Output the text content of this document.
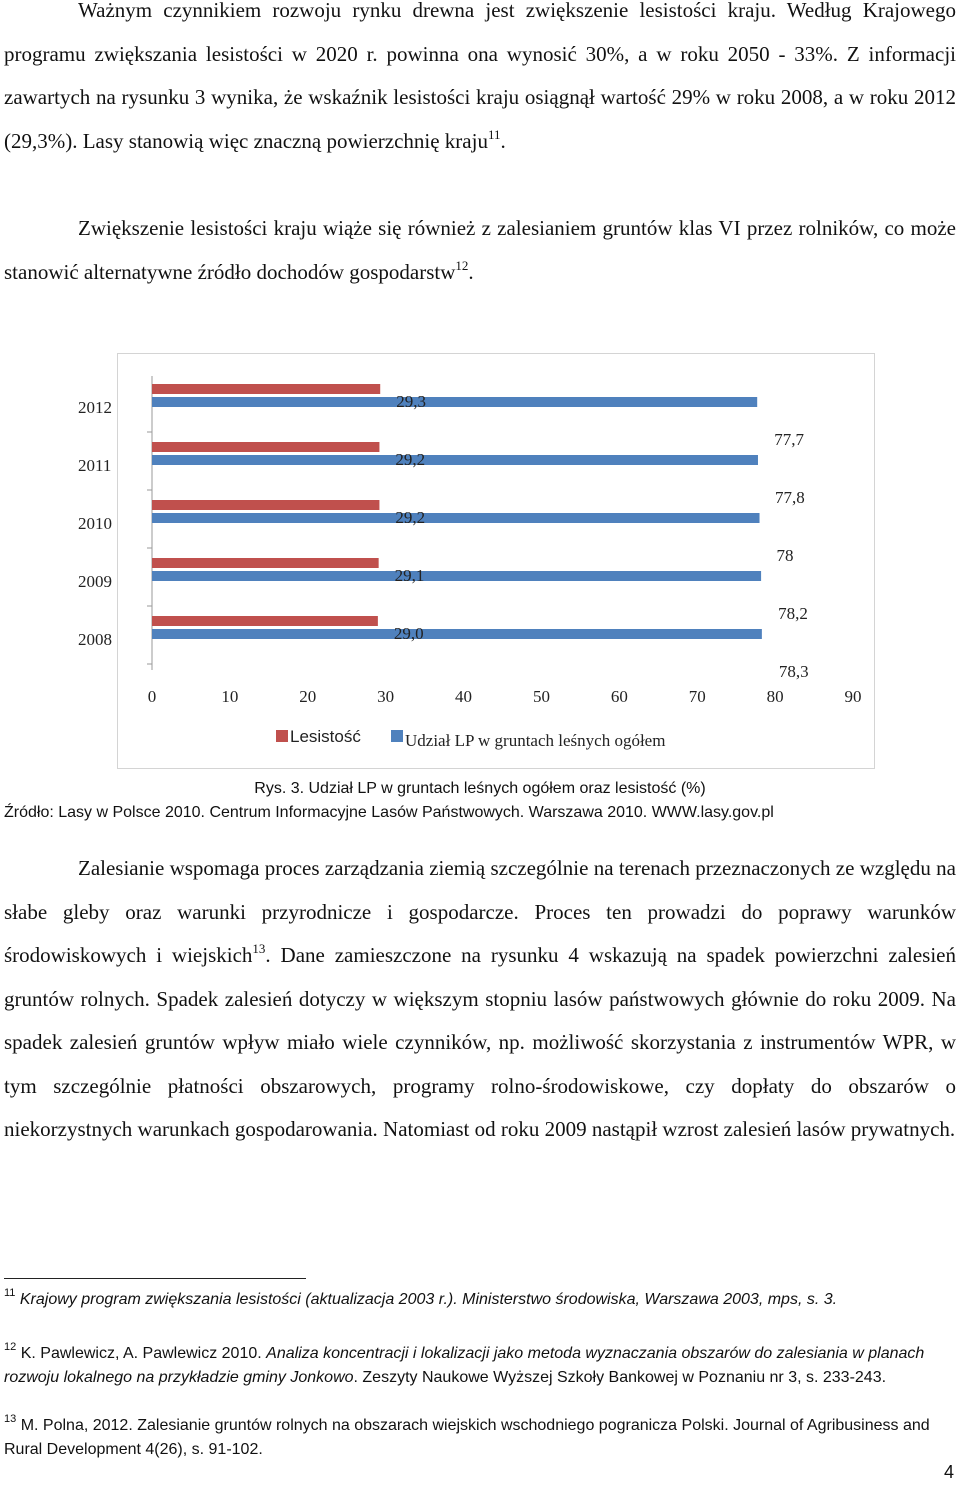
Ważnym czynnikiem rozwoju rynku drewna jest zwiększenie lesistości kraju. Według Krajowego programu zwiększania lesistości w 2020 r. powinna ona wynosić 30%, a w roku 2050 - 33%. Z informacji zawartych na rysunku 3 wynika, że wskaźnik lesistości kraju osiągnął wartość 29% w roku 2008, a w roku 2012 (29,3%). Lasy stanowią więc znaczną powierzchnię kraju$^{11}$.

Zwiększenie lesistości kraju wiąże się również z zalesianiem gruntów klas VI przez rolników, co może stanowić alternatywne źródło dochodów gospodarstw$^{12}$.

2012	29,3
77,7
2011	29,2
77,8
2010	29,2
78
2009	29,1
78,2
2008	29,0
78,3
0	10	20	30	40	50	60	70	80	90
Lesistość	Udział LP w gruntach leśnych ogółem

Rys. 3. Udział LP w gruntach leśnych ogółem oraz lesistość (%)

Źródło: Lasy w Polsce 2010. Centrum Informacyjne Lasów Państwowych. Warszawa 2010. WWW.lasy.gov.pl

Zalesianie wspomaga proces zarządzania ziemią szczególnie na terenach przeznaczonych ze względu na słabe gleby oraz warunki przyrodnicze i gospodarcze. Proces ten prowadzi do poprawy warunków środowiskowych i wiejskich$^{13}$. Dane zamieszczone na rysunku 4 wskazują na spadek powierzchni zalesień gruntów rolnych. Spadek zalesień dotyczy w większym stopniu lasów państwowych głównie do roku 2009. Na spadek zalesień gruntów wpływ miało wiele czynników, np. możliwość skorzystania z instrumentów WPR, w tym szczególnie płatności obszarowych, programy rolno-środowiskowe, czy dopłaty do obszarów o niekorzystnych warunkach gospodarowania. Natomiast od roku 2009 nastąpił wzrost zalesień lasów prywatnych.

$^{11}$ Krajowy program zwiększania lesistości (aktualizacja 2003 r.). Ministerstwo środowiska, Warszawa 2003, mps, s. 3.

$^{12}$ K. Pawlewicz, A. Pawlewicz 2010. Analiza koncentracji i lokalizacji jako metoda wyznaczania obszarów do zalesiania w planach rozwoju lokalnego na przykładzie gminy Jonkowo. Zeszyty Naukowe Wyższej Szkoły Bankowej w Poznaniu nr 3, s. 233-243.

$^{13}$ M. Polna, 2012. Zalesianie gruntów rolnych na obszarach wiejskich wschodniego pogranicza Polski. Journal of Agribusiness and Rural Development 4(26), s. 91-102.

4
